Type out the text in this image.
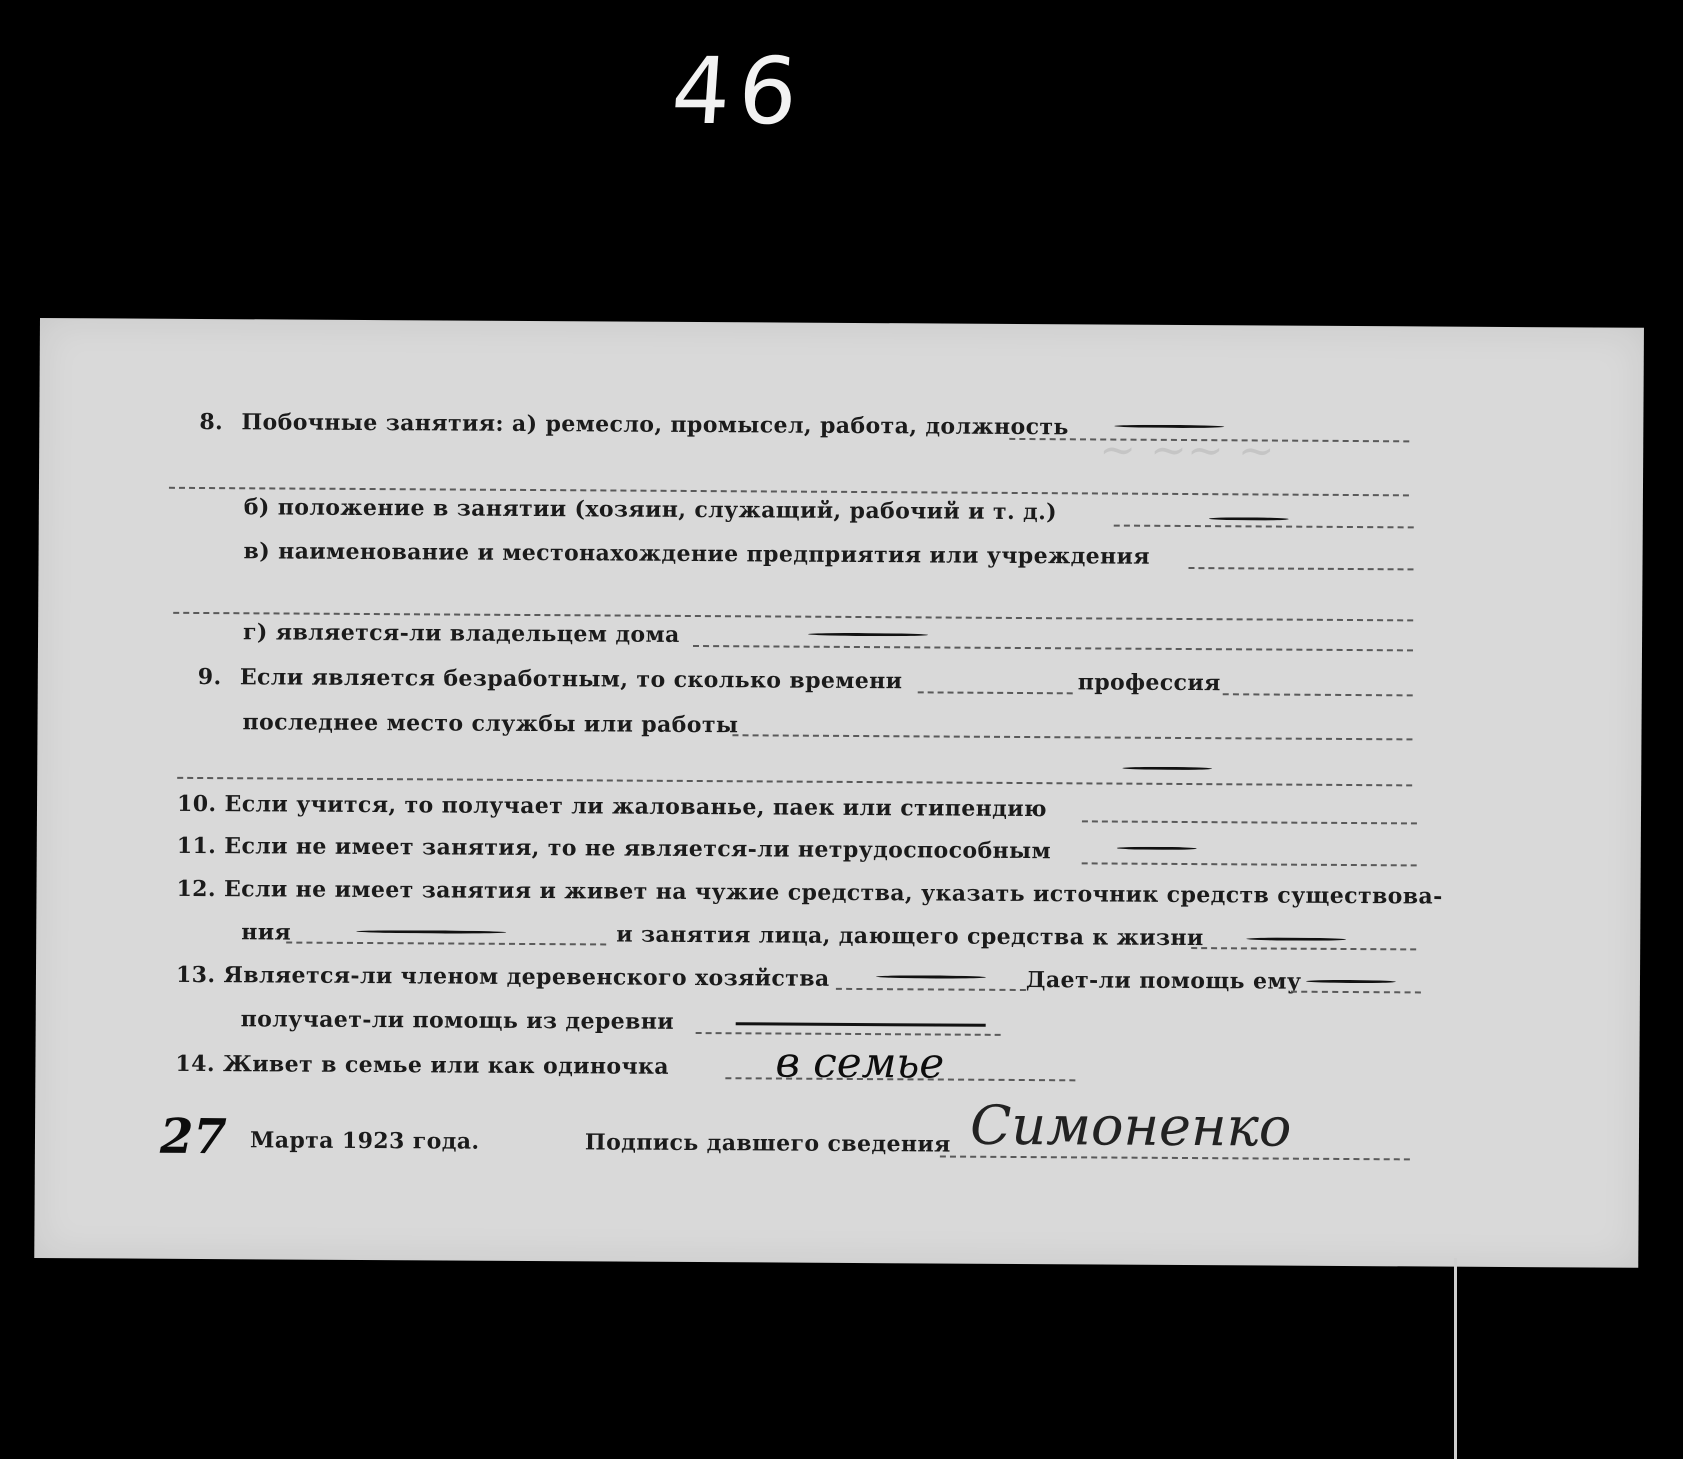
46
~ ~~ ~
8. Побочные занятия: а) ремесло, промысел, работа, должность
б) положение в занятии (хозяин, служащий, рабочий и т. д.)
в) наименование и местонахождение предприятия или учреждения
г) является-ли владельцем дома
9. Если является безработным, то сколько времени	профессия
последнее место службы или работы
10. Если учится, то получает ли жалованье, паек или стипендию
11. Если не имеет занятия, то не является-ли нетрудоспособным
12. Если не имеет занятия и живет на чужие средства, указать источник средств существова-
ния	и занятия лица, дающего средства к жизни
13. Является-ли членом деревенского хозяйства	Дает-ли помощь ему
получает-ли помощь из деревни
14. Живет в семье или как одиночка	в семье
27 Марта 1923 года.	Подпись давшего сведения Симоненко
